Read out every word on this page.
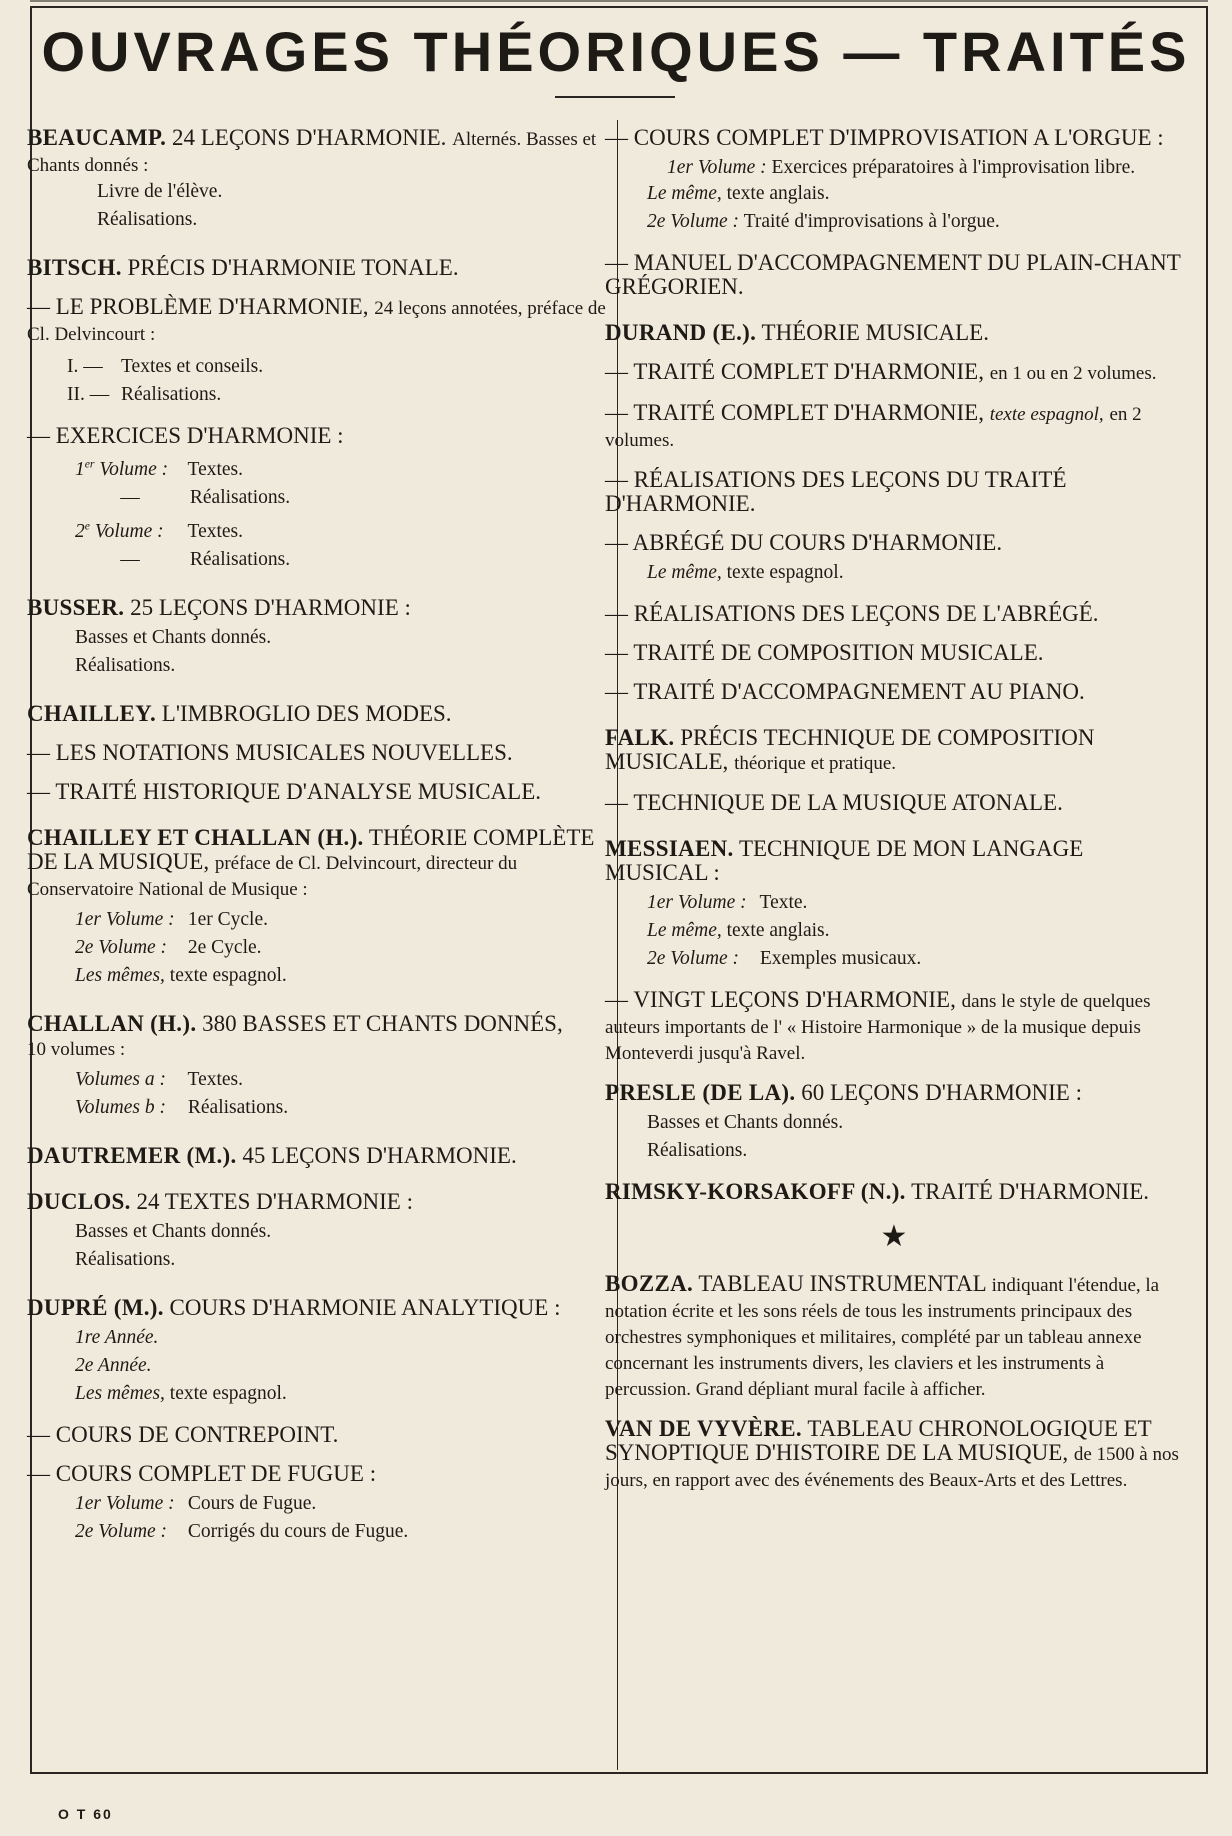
OUVRAGES THÉORIQUES — TRAITÉS
BEAUCAMP. 24 LEÇONS D'HARMONIE. Alternés. Basses et Chants donnés :
Livre de l'élève.
Réalisations.
BITSCH. PRÉCIS D'HARMONIE TONALE.
— LE PROBLÈME D'HARMONIE, 24 leçons annotées, préface de Cl. Delvincourt :
I. — Textes et conseils.
II. — Réalisations.
— EXERCICES D'HARMONIE :
1er Volume : Textes.
—	Réalisations.
2e Volume : Textes.
—	Réalisations.
BUSSER. 25 LEÇONS D'HARMONIE :
Basses et Chants donnés.
Réalisations.
CHAILLEY. L'IMBROGLIO DES MODES.
— LES NOTATIONS MUSICALES NOUVELLES.
— TRAITÉ HISTORIQUE D'ANALYSE MUSICALE.
CHAILLEY ET CHALLAN (H.). THÉORIE COMPLÈTE DE LA MUSIQUE, préface de Cl. Delvincourt, directeur du Conservatoire National de Musique :
1er Volume : 1er Cycle.
2e Volume : 2e Cycle.
Les mêmes, texte espagnol.
CHALLAN (H.). 380 BASSES ET CHANTS DONNÉS,
10 volumes :
Volumes a : Textes.
Volumes b : Réalisations.
DAUTREMER (M.). 45 LEÇONS D'HARMONIE.
DUCLOS. 24 TEXTES D'HARMONIE :
Basses et Chants donnés.
Réalisations.
DUPRÉ (M.). COURS D'HARMONIE ANALYTIQUE :
1re Année.
2e Année.
Les mêmes, texte espagnol.
— COURS DE CONTREPOINT.
— COURS COMPLET DE FUGUE :
1er Volume : Cours de Fugue.
2e Volume : Corrigés du cours de Fugue.
— COURS COMPLET D'IMPROVISATION A L'ORGUE :
1er Volume : Exercices préparatoires à l'improvisation libre.
Le même, texte anglais.
2e Volume : Traité d'improvisations à l'orgue.
— MANUEL D'ACCOMPAGNEMENT DU PLAIN-CHANT GRÉGORIEN.
DURAND (E.). THÉORIE MUSICALE.
— TRAITÉ COMPLET D'HARMONIE, en 1 ou en 2 volumes.
— TRAITÉ COMPLET D'HARMONIE, texte espagnol, en 2 volumes.
— RÉALISATIONS DES LEÇONS DU TRAITÉ D'HARMONIE.
— ABRÉGÉ DU COURS D'HARMONIE.
Le même, texte espagnol.
— RÉALISATIONS DES LEÇONS DE L'ABRÉGÉ.
— TRAITÉ DE COMPOSITION MUSICALE.
— TRAITÉ D'ACCOMPAGNEMENT AU PIANO.
FALK. PRÉCIS TECHNIQUE DE COMPOSITION MUSICALE, théorique et pratique.
— TECHNIQUE DE LA MUSIQUE ATONALE.
MESSIAEN. TECHNIQUE DE MON LANGAGE MUSICAL :
1er Volume : Texte.
Le même, texte anglais.
2e Volume : Exemples musicaux.
— VINGT LEÇONS D'HARMONIE, dans le style de quelques auteurs importants de l' « Histoire Harmonique » de la musique depuis Monteverdi jusqu'à Ravel.
PRESLE (DE LA). 60 LEÇONS D'HARMONIE :
Basses et Chants donnés.
Réalisations.
RIMSKY-KORSAKOFF (N.). TRAITÉ D'HARMONIE.
★
BOZZA. TABLEAU INSTRUMENTAL indiquant l'étendue, la notation écrite et les sons réels de tous les instruments principaux des orchestres symphoniques et militaires, complété par un tableau annexe concernant les instruments divers, les claviers et les instruments à percussion. Grand dépliant mural facile à afficher.
VAN DE VYVÈRE. TABLEAU CHRONOLOGIQUE ET SYNOPTIQUE D'HISTOIRE DE LA MUSIQUE, de 1500 à nos jours, en rapport avec des événements des Beaux-Arts et des Lettres.
O T 60
